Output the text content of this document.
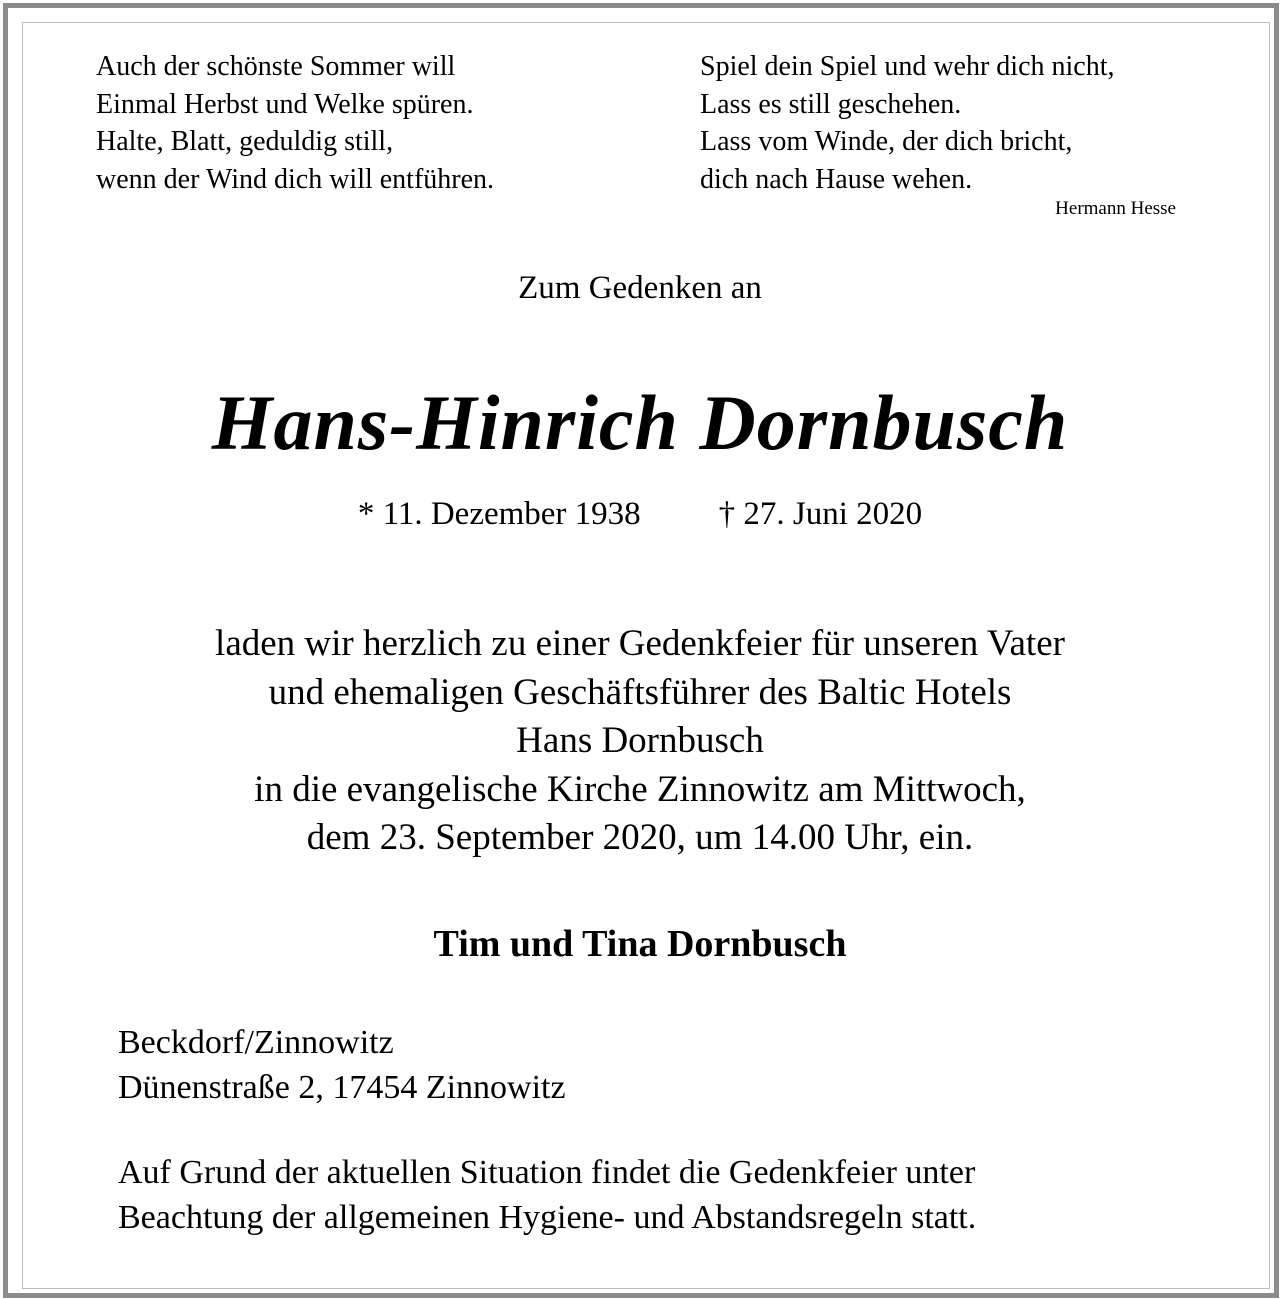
Auch der schönste Sommer will
Einmal Herbst und Welke spüren.
Halte, Blatt, geduldig still,
wenn der Wind dich will entführen.
Spiel dein Spiel und wehr dich nicht,
Lass es still geschehen.
Lass vom Winde, der dich bricht,
dich nach Hause wehen.
Hermann Hesse
Zum Gedenken an
Hans-Hinrich Dornbusch
* 11. Dezember 1938 † 27. Juni 2020
laden wir herzlich zu einer Gedenkfeier für unseren Vater
und ehemaligen Geschäftsführer des Baltic Hotels
Hans Dornbusch
in die evangelische Kirche Zinnowitz am Mittwoch,
dem 23. September 2020, um 14.00 Uhr, ein.
Tim und Tina Dornbusch
Beckdorf/Zinnowitz
Dünenstraße 2, 17454 Zinnowitz
Auf Grund der aktuellen Situation findet die Gedenkfeier unter
Beachtung der allgemeinen Hygiene- und Abstandsregeln statt.
